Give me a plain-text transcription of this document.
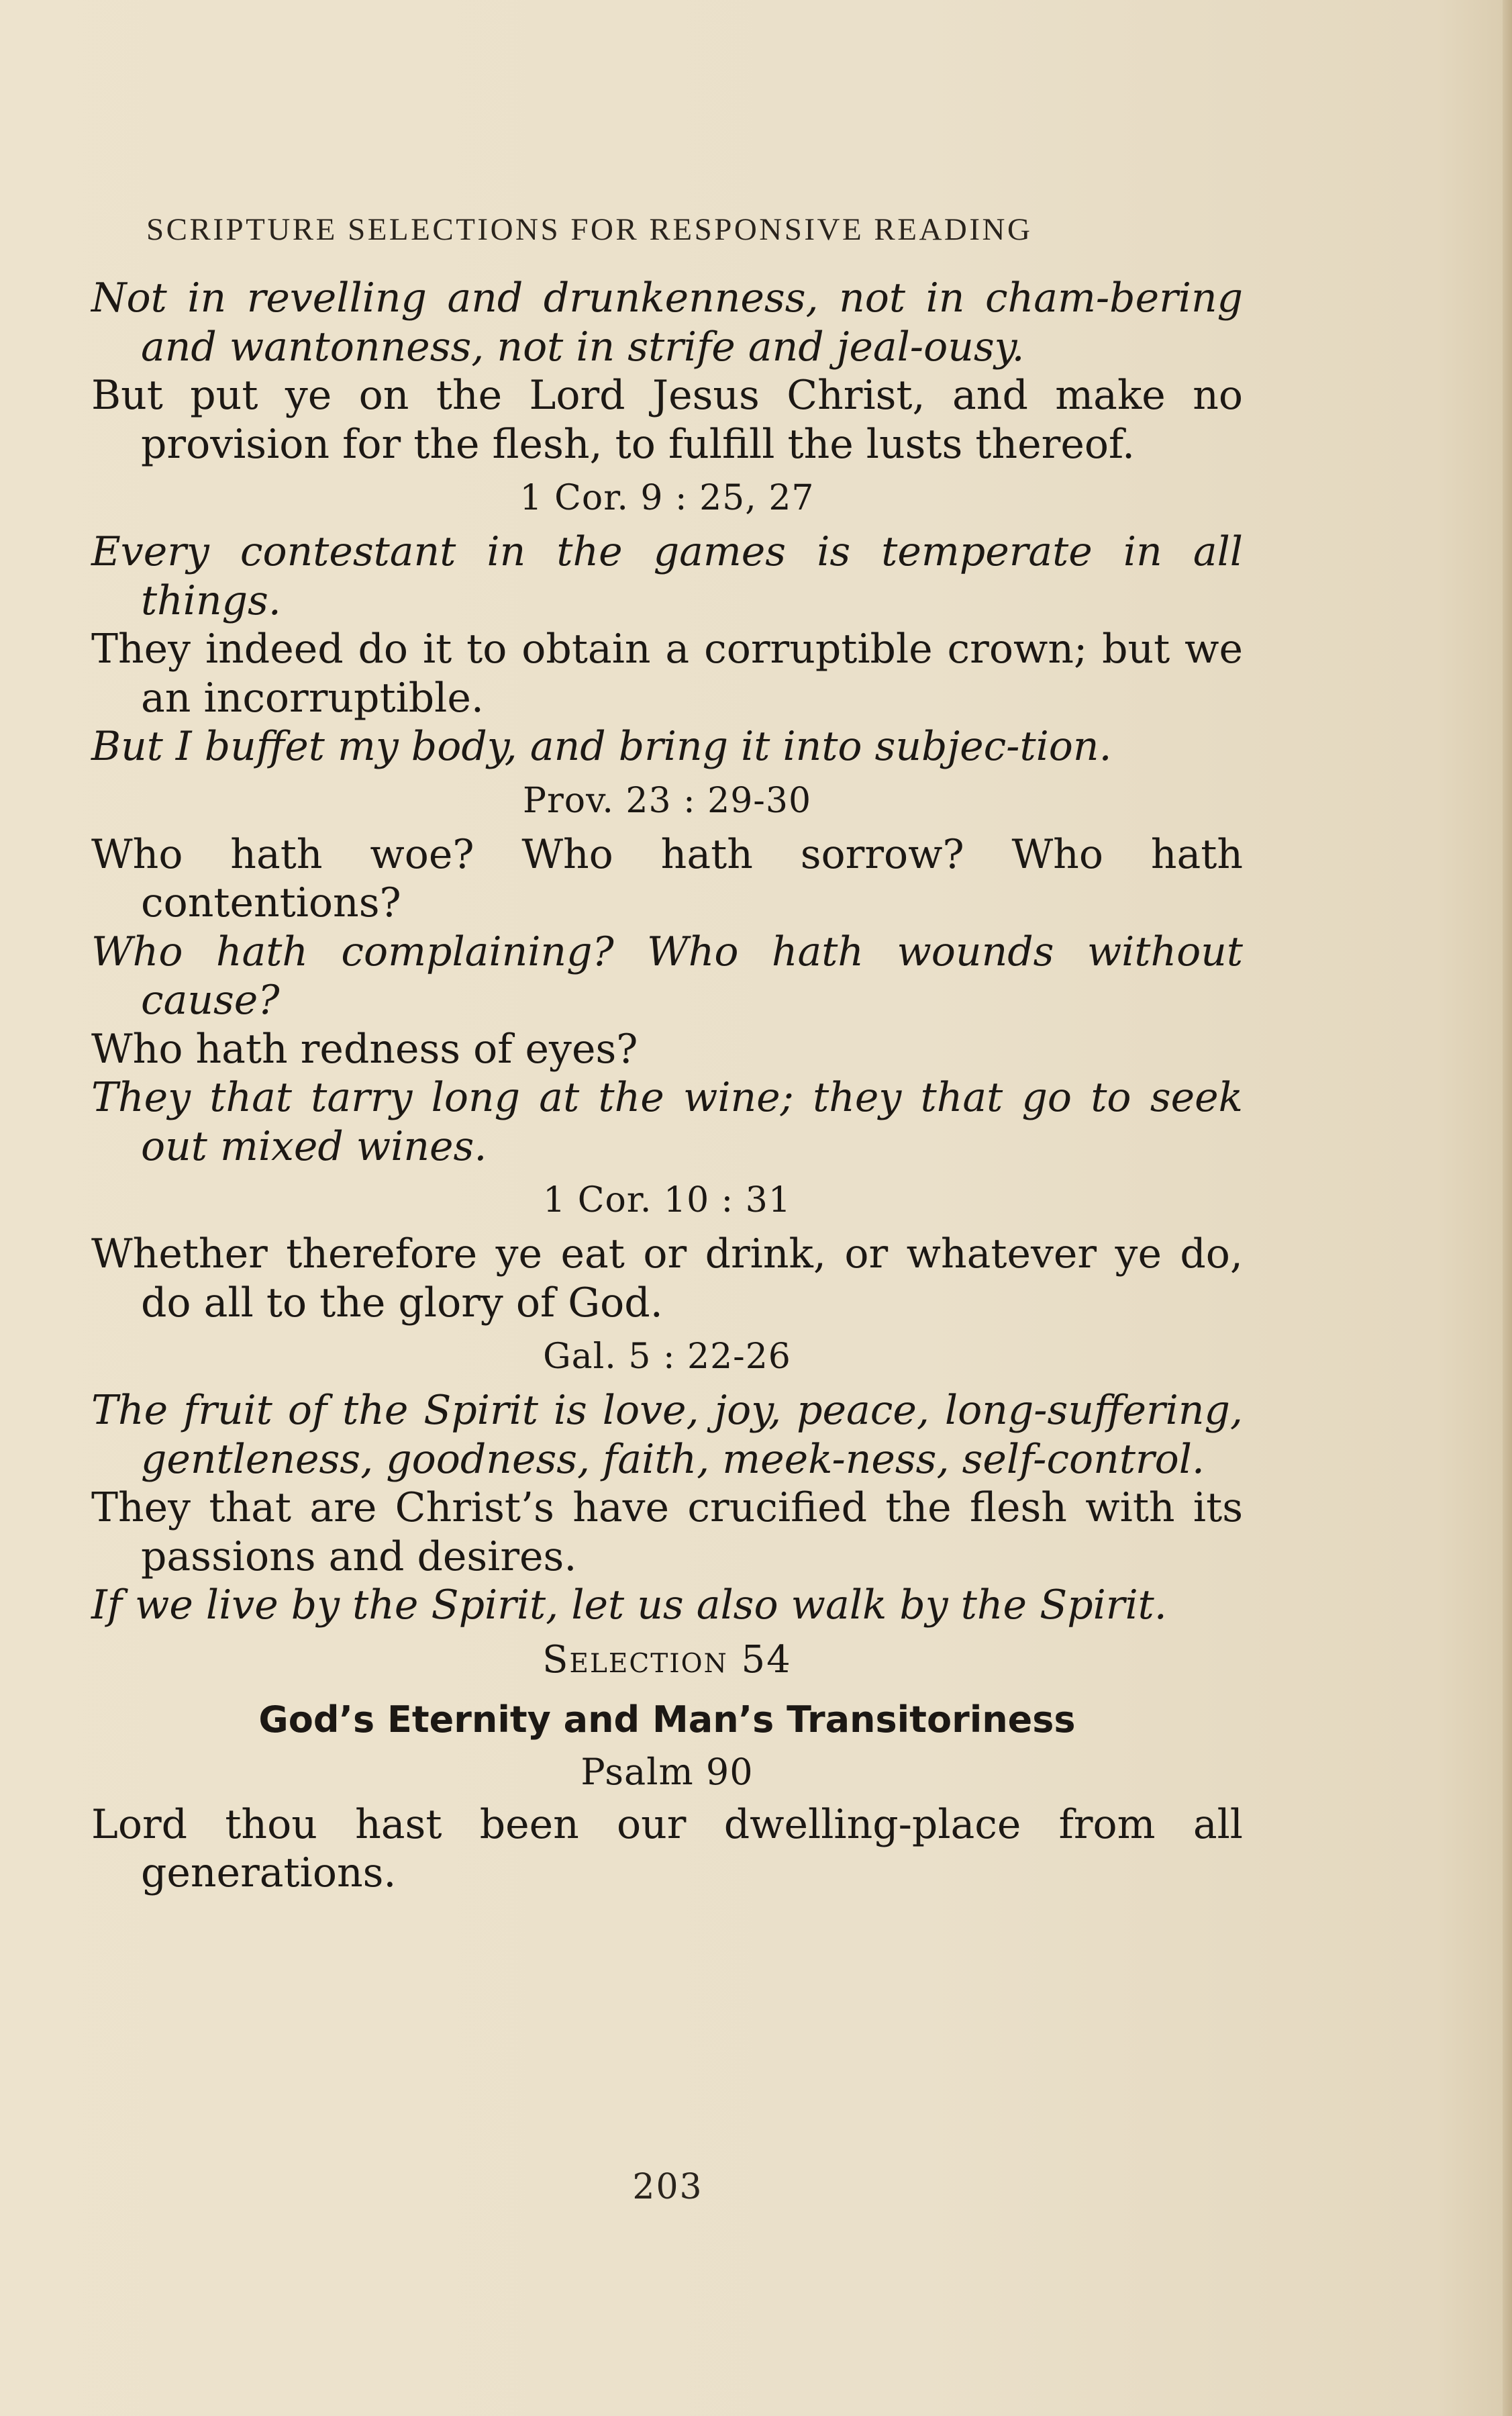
SCRIPTURE SELECTIONS FOR RESPONSIVE READING

Not in revelling and drunkenness, not in cham-bering and wantonness, not in strife and jeal-ousy.

But put ye on the Lord Jesus Christ, and make no provision for the flesh, to fulfill the lusts thereof.

1 Cor. 9 : 25, 27

Every contestant in the games is temperate in all things.

They indeed do it to obtain a corruptible crown; but we an incorruptible.

But I buffet my body, and bring it into subjec-tion.

Prov. 23 : 29-30

Who hath woe? Who hath sorrow? Who hath contentions?

Who hath complaining? Who hath wounds without cause?

Who hath redness of eyes?

They that tarry long at the wine; they that go to seek out mixed wines.

1 Cor. 10 : 31

Whether therefore ye eat or drink, or whatever ye do, do all to the glory of God.

Gal. 5 : 22-26

The fruit of the Spirit is love, joy, peace, long-suffering, gentleness, goodness, faith, meek-ness, self-control.

They that are Christ’s have crucified the flesh with its passions and desires.

If we live by the Spirit, let us also walk by the Spirit.

Selection 54

God’s Eternity and Man’s Transitoriness

Psalm 90

Lord thou hast been our dwelling-place from all generations.

203
